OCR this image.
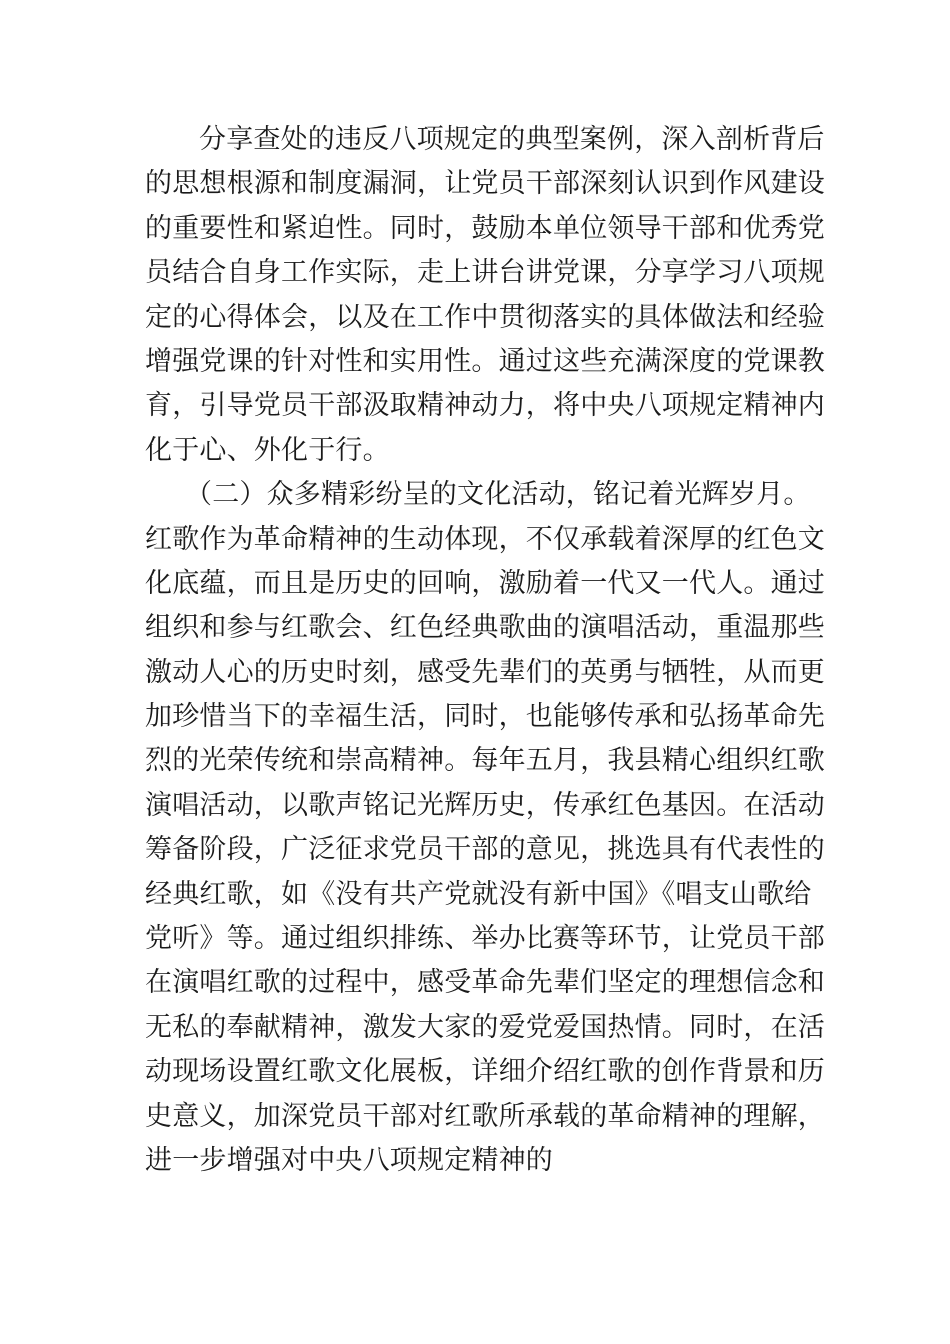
分享查处的违反八项规定的典型案例，深入剖析背后
的思想根源和制度漏洞，让党员干部深刻认识到作风建设
的重要性和紧迫性。同时，鼓励本单位领导干部和优秀党
员结合自身工作实际，走上讲台讲党课，分享学习八项规
定的心得体会，以及在工作中贯彻落实的具体做法和经验
增强党课的针对性和实用性。通过这些充满深度的党课教
育，引导党员干部汲取精神动力，将中央八项规定精神内
化于心、外化于行。
（二）众多精彩纷呈的文化活动，铭记着光辉岁月。
红歌作为革命精神的生动体现，不仅承载着深厚的红色文
化底蕴，而且是历史的回响，激励着一代又一代人。通过
组织和参与红歌会、红色经典歌曲的演唱活动，重温那些
激动人心的历史时刻，感受先辈们的英勇与牺牲，从而更
加珍惜当下的幸福生活，同时，也能够传承和弘扬革命先
烈的光荣传统和崇高精神。每年五月，我县精心组织红歌
演唱活动，以歌声铭记光辉历史，传承红色基因。在活动
筹备阶段，广泛征求党员干部的意见，挑选具有代表性的
经典红歌，如《没有共产党就没有新中国》《唱支山歌给
党听》等。通过组织排练、举办比赛等环节，让党员干部
在演唱红歌的过程中，感受革命先辈们坚定的理想信念和
无私的奉献精神，激发大家的爱党爱国热情。同时，在活
动现场设置红歌文化展板，详细介绍红歌的创作背景和历
史意义，加深党员干部对红歌所承载的革命精神的理解，
进一步增强对中央八项规定精神的
